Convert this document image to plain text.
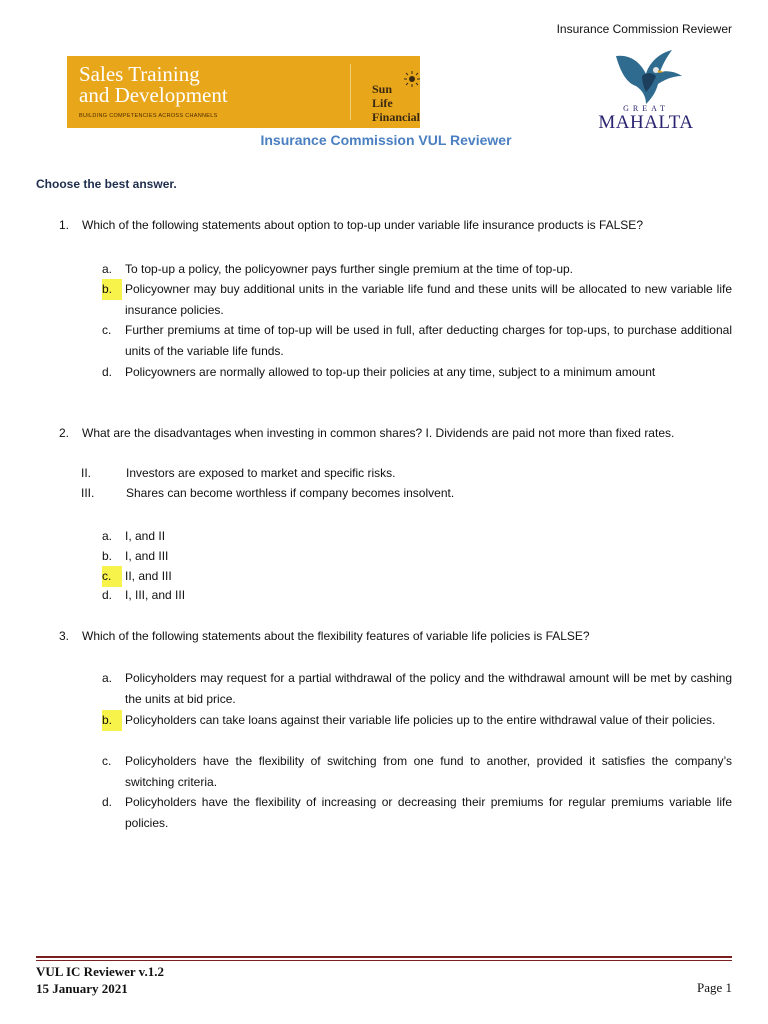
Insurance Commission Reviewer
Sales Training
and Development
BUILDING COMPETENCIES ACROSS CHANNELS
Sun
Life Financial
GREAT
MAHALTA
Insurance Commission VUL Reviewer
Choose the best answer.
1. Which of the following statements about option to top-up under variable life insurance products is FALSE?
a.	To top-up a policy, the policyowner pays further single premium at the time of top-up.
b.	Policyowner may buy additional units in the variable life fund and these units will be allocated to new variable life insurance policies.
c.	Further premiums at time of top-up will be used in full, after deducting charges for top-ups, to purchase additional units of the variable life funds.
d.	Policyowners are normally allowed to top-up their policies at any time, subject to a minimum amount
2. What are the disadvantages when investing in common shares? I. Dividends are paid not more than fixed rates.
II.	Investors are exposed to market and specific risks.
III.	Shares can become worthless if company becomes insolvent.
a.	I, and II
b.	I, and III
c.	II, and III
d.	I, III, and III
3. Which of the following statements about the flexibility features of variable life policies is FALSE?
a.	Policyholders may request for a partial withdrawal of the policy and the withdrawal amount will be met by cashing the units at bid price.
b.	Policyholders can take loans against their variable life policies up to the entire withdrawal value of their policies.
c.	Policyholders have the flexibility of switching from one fund to another, provided it satisfies the company’s switching criteria.
d.	Policyholders have the flexibility of increasing or decreasing their premiums for regular premiums variable life policies.
VUL IC Reviewer v.1.2
15 January 2021	Page 1
